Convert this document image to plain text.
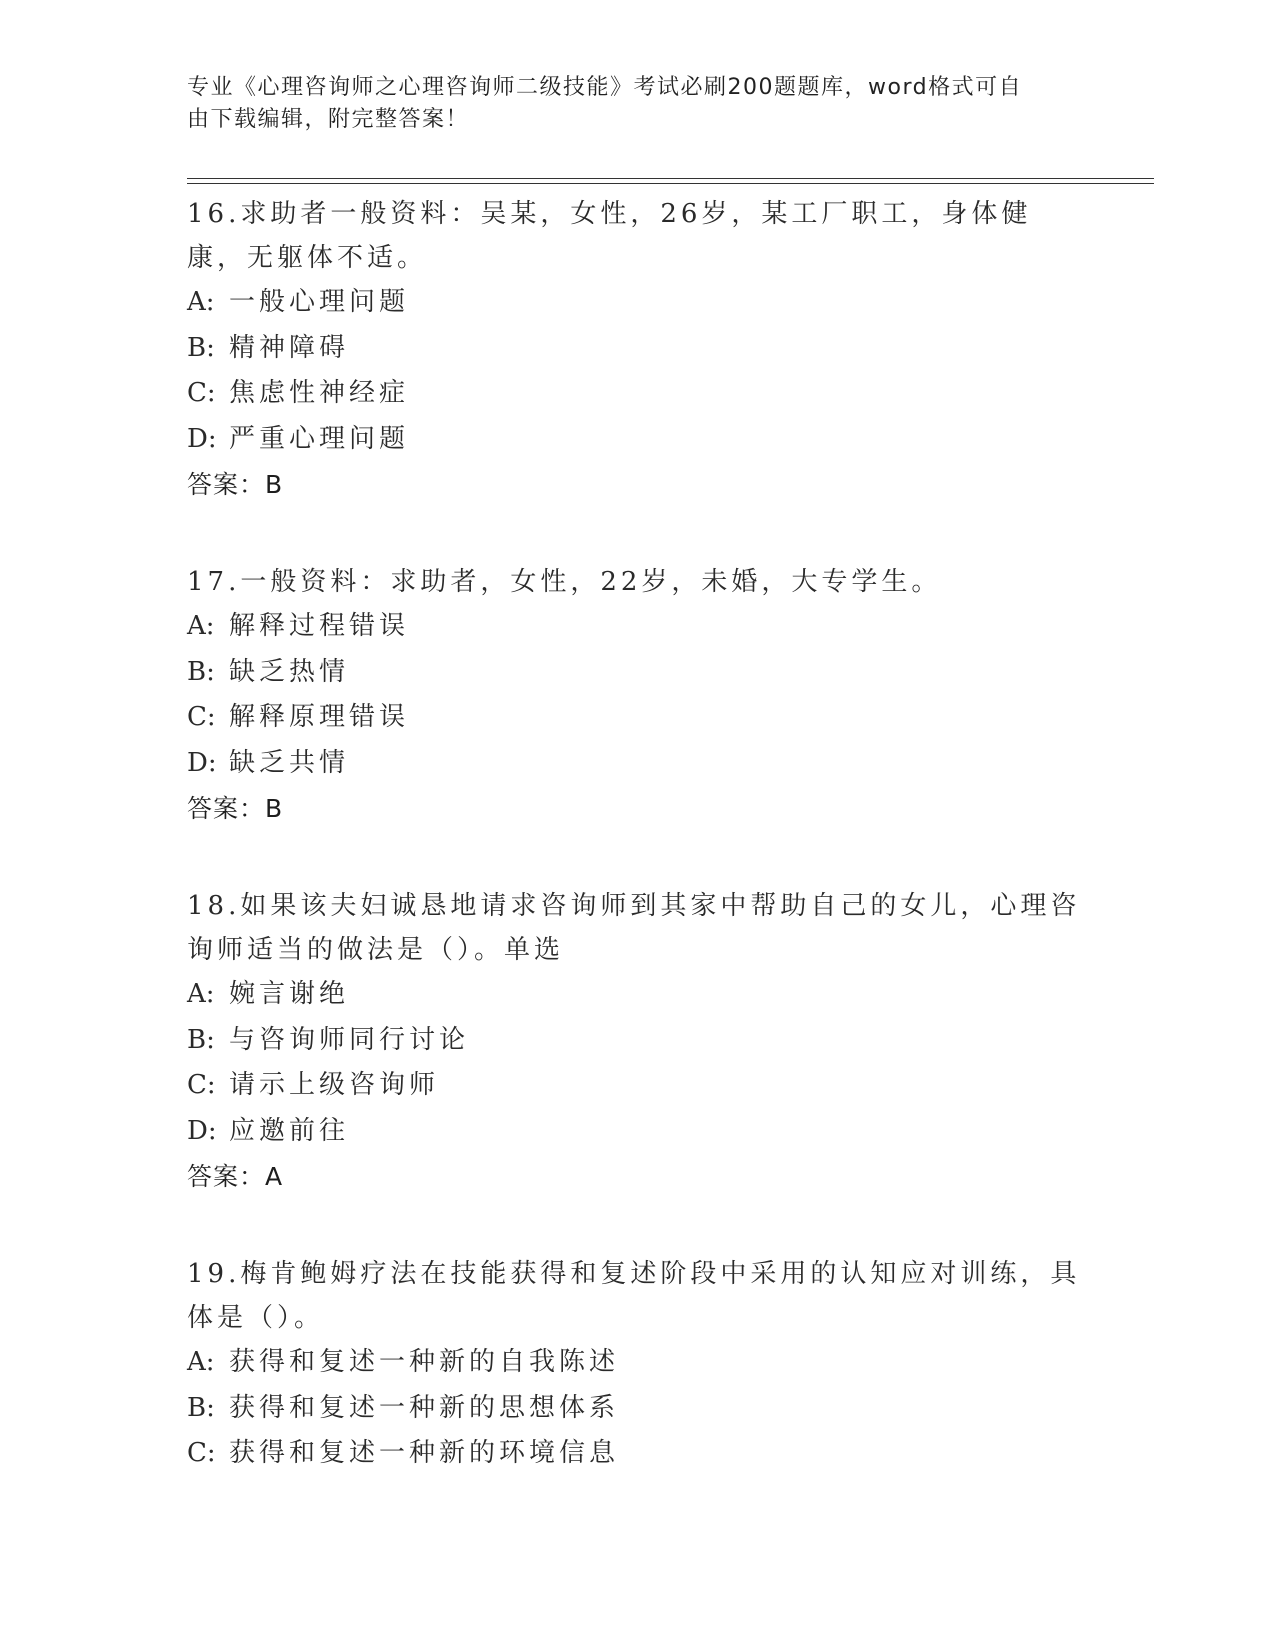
专业《心理咨询师之心理咨询师二级技能》考试必刷200题题库，word格式可自
由下载编辑，附完整答案！
16.求助者一般资料：吴某，女性，26岁，某工厂职工，身体健康，无躯体不适。
A: 一般心理问题
B: 精神障碍
C: 焦虑性神经症
D: 严重心理问题
答案：B
17.一般资料：求助者，女性，22岁，未婚，大专学生。
A: 解释过程错误
B: 缺乏热情
C: 解释原理错误
D: 缺乏共情
答案：B
18.如果该夫妇诚恳地请求咨询师到其家中帮助自己的女儿，心理咨询师适当的做法是（）。单选
A: 婉言谢绝
B: 与咨询师同行讨论
C: 请示上级咨询师
D: 应邀前往
答案：A
19.梅肯鲍姆疗法在技能获得和复述阶段中采用的认知应对训练，具体是（）。
A: 获得和复述一种新的自我陈述
B: 获得和复述一种新的思想体系
C: 获得和复述一种新的环境信息
